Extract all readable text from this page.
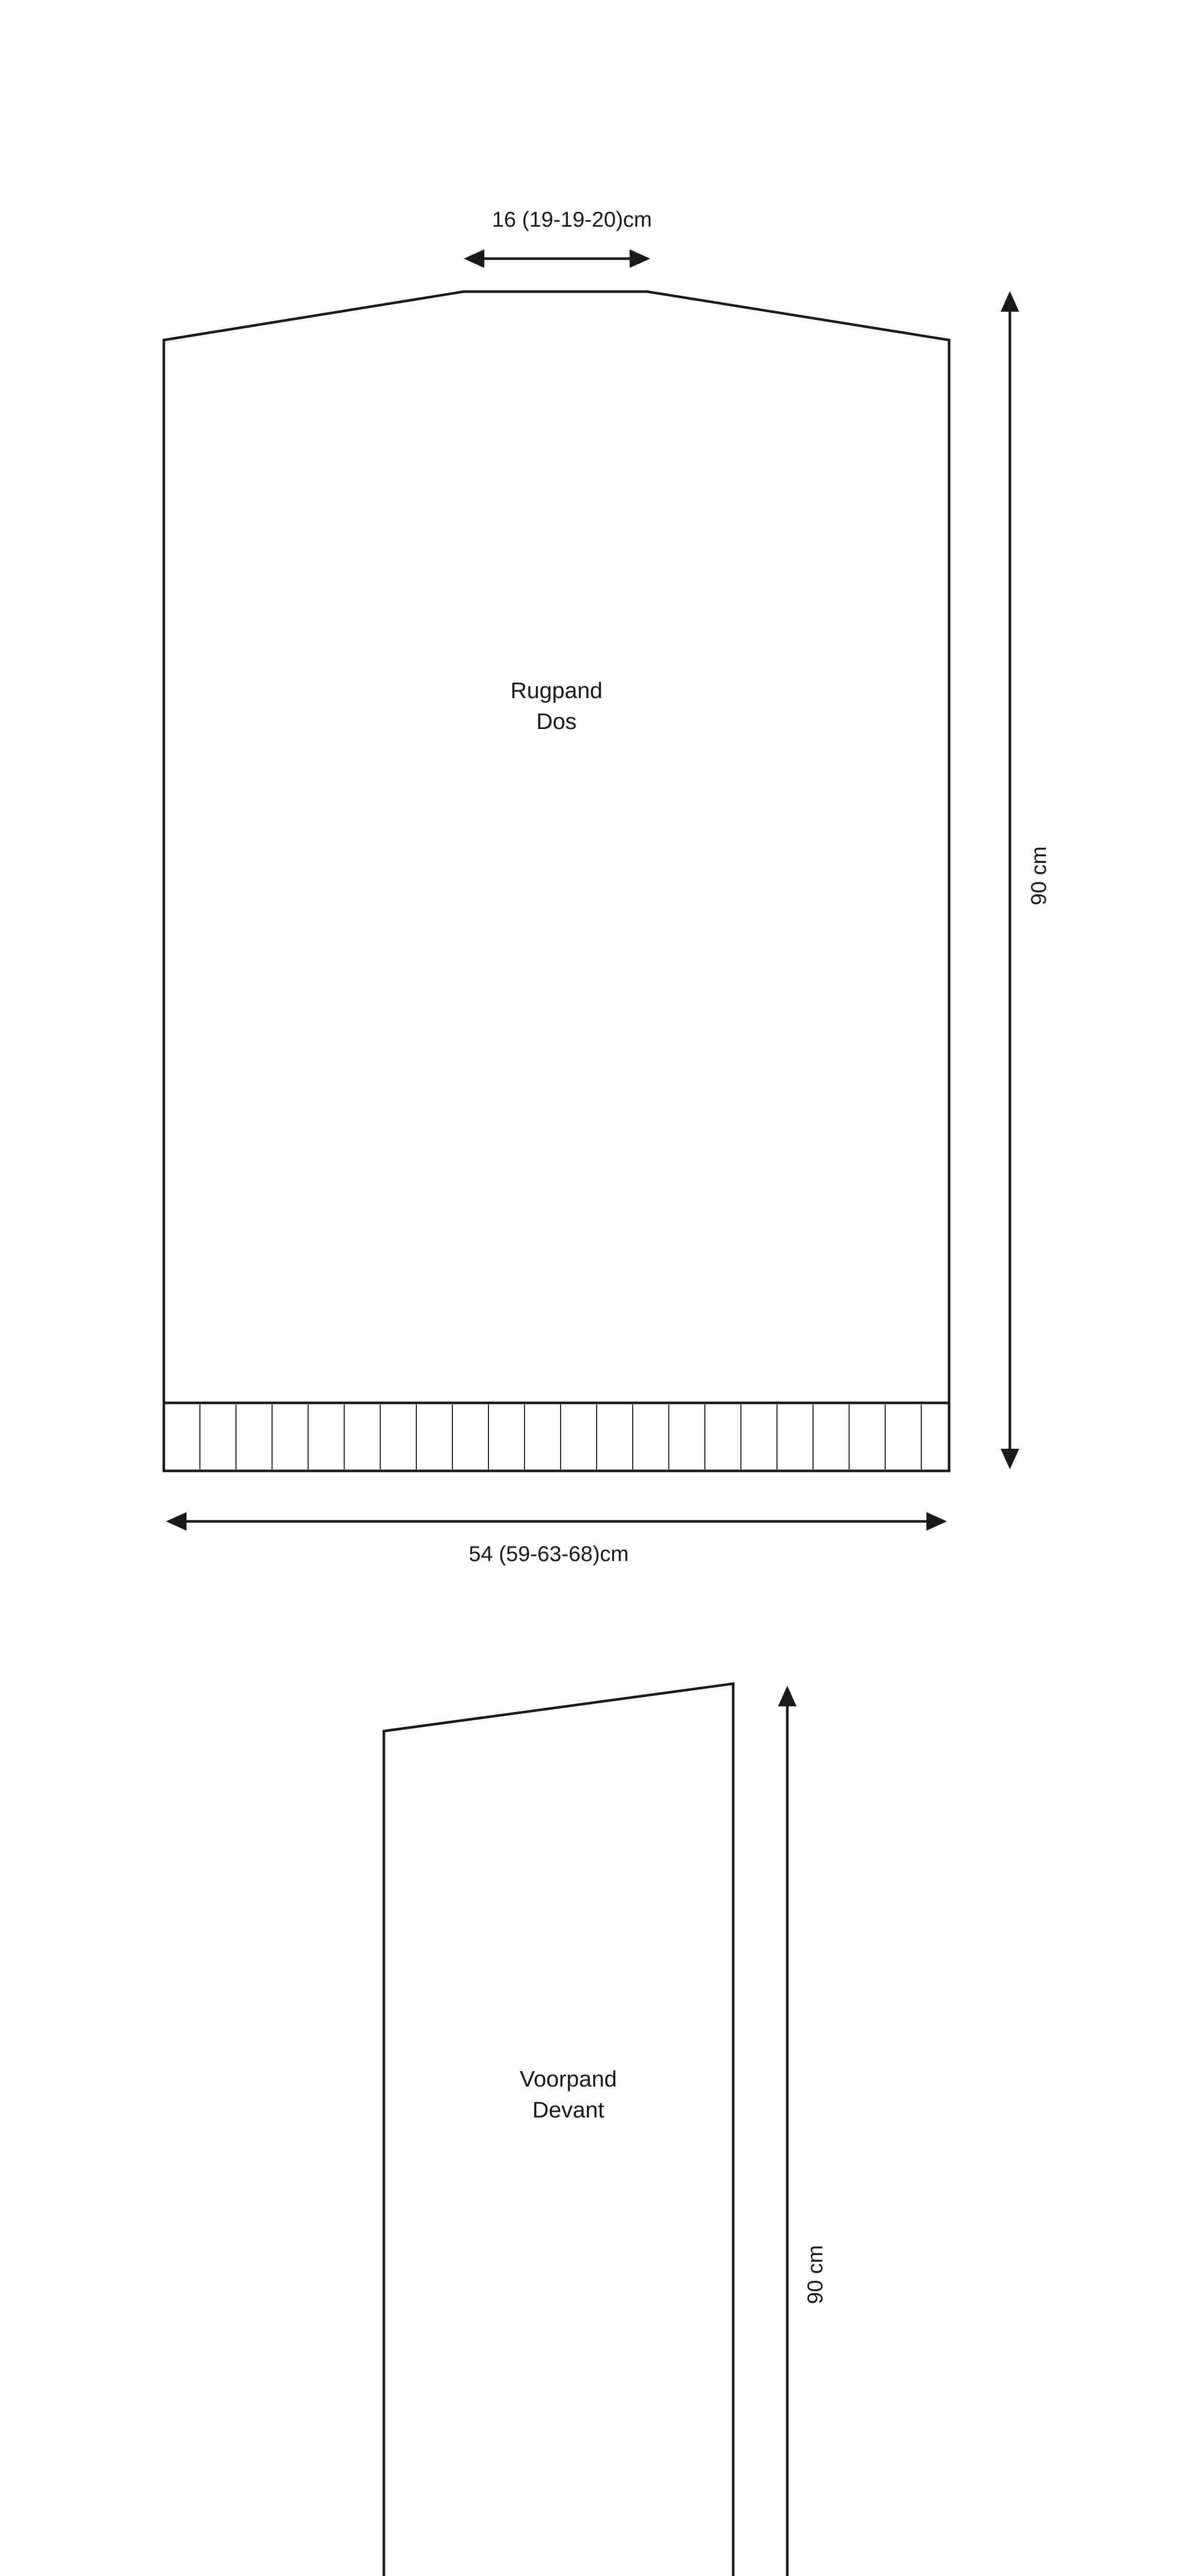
Rugpand
Dos
16 (19-19-20)cm
90 cm
54 (59-63-68)cm
Voorpand
Devant
90 cm
